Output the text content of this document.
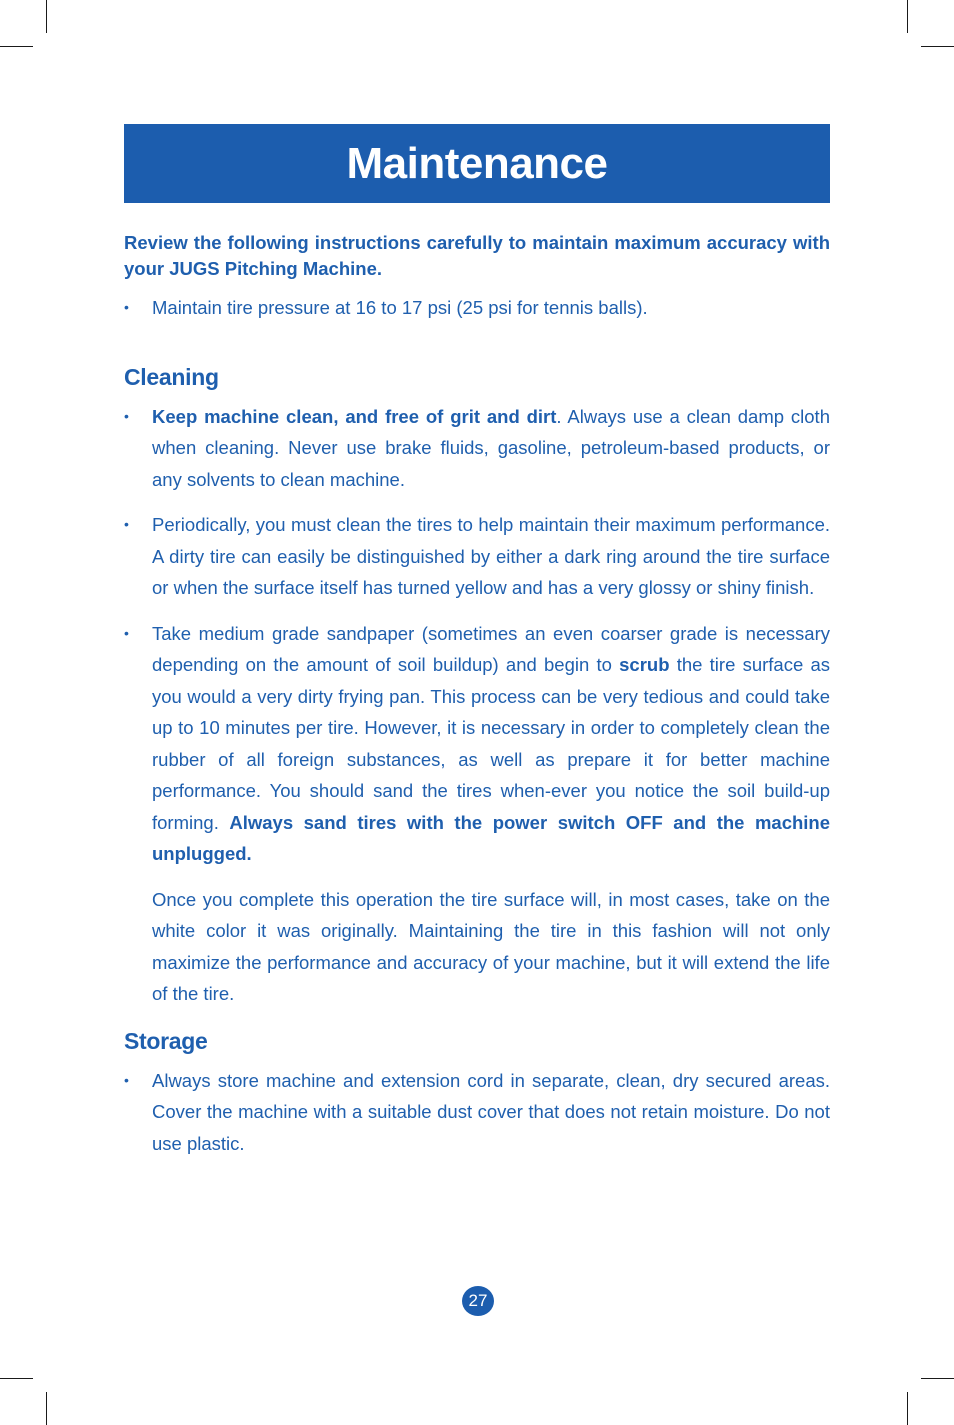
Maintenance

Review the following instructions carefully to maintain maximum accuracy with your JUGS Pitching Machine.

•	Maintain tire pressure at 16 to 17 psi (25 psi for tennis balls).

Cleaning
•	Keep machine clean, and free of grit and dirt. Always use a clean damp cloth when cleaning. Never use brake fluids, gasoline, petroleum-based products, or any solvents to clean machine.

•	Periodically, you must clean the tires to help maintain their maximum performance. A dirty tire can easily be distinguished by either a dark ring around the tire surface or when the surface itself has turned yellow and has a very glossy or shiny finish.

•	Take medium grade sandpaper (sometimes an even coarser grade is necessary depending on the amount of soil buildup) and begin to scrub the tire surface as you would a very dirty frying pan. This process can be very tedious and could take up to 10 minutes per tire. However, it is necessary in order to completely clean the rubber of all foreign substances, as well as prepare it for better machine performance. You should sand the tires when-ever you notice the soil build-up forming. Always sand tires with the power switch OFF and the machine unplugged.

Once you complete this operation the tire surface will, in most cases, take on the white color it was originally. Maintaining the tire in this fashion will not only maximize the performance and accuracy of your machine, but it will extend the life of the tire.

Storage
•	Always store machine and extension cord in separate, clean, dry secured areas. Cover the machine with a suitable dust cover that does not retain moisture. Do not use plastic.

27
